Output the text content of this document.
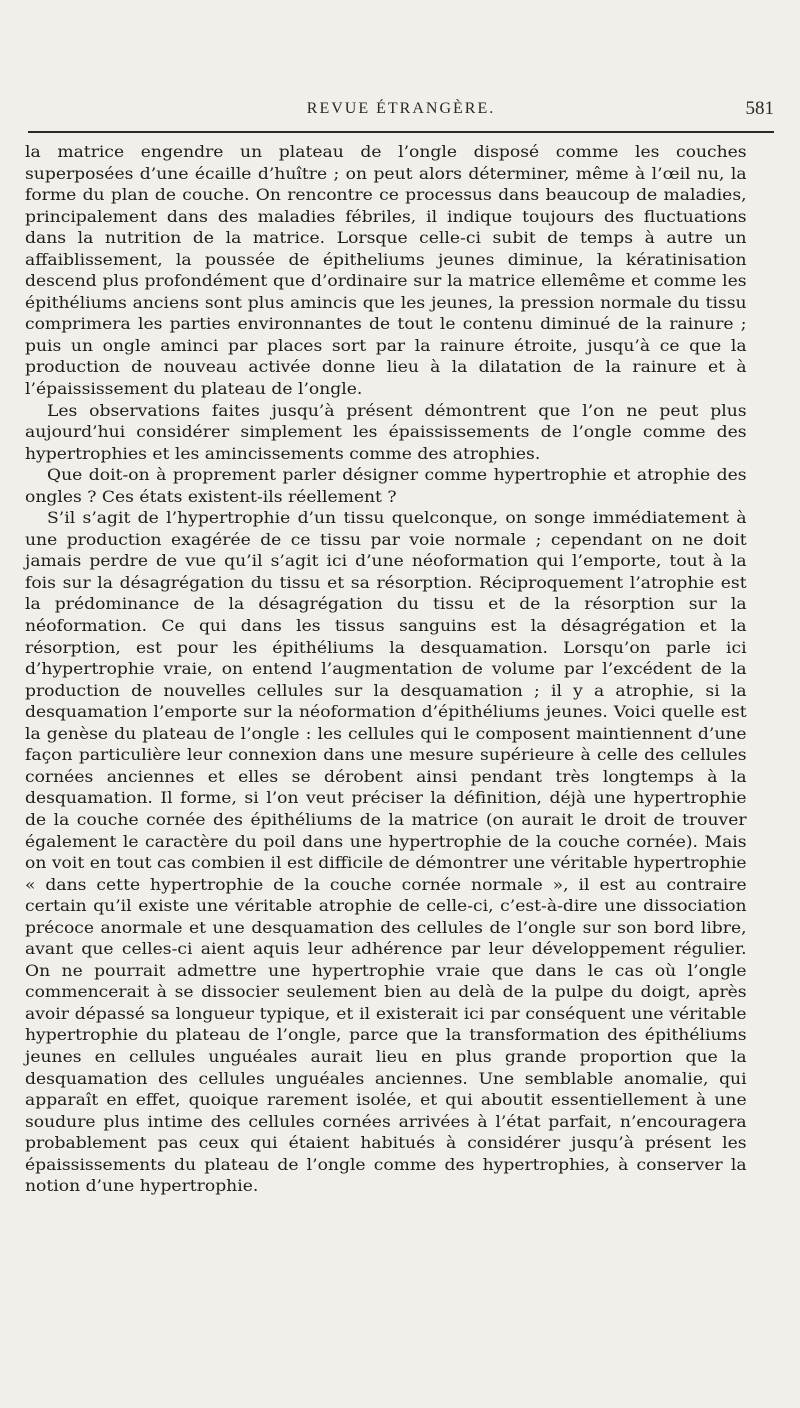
REVUE ÉTRANGÈRE.	581

la matrice engendre un plateau de l’ongle disposé comme les couches superposées d’une écaille d’huître ; on peut alors déterminer, même à l’œil nu, la forme du plan de couche. On rencontre ce processus dans beaucoup de maladies, principalement dans des maladies fébriles, il indique toujours des fluctuations dans la nutrition de la matrice. Lorsque celle-ci subit de temps à autre un affaiblissement, la poussée de épitheliums jeunes diminue, la kératinisation descend plus profondément que d’ordinaire sur la matrice ellemême et comme les épithéliums anciens sont plus amincis que les jeunes, la pression normale du tissu comprimera les parties environnantes de tout le contenu diminué de la rainure ; puis un ongle aminci par places sort par la rainure étroite, jusqu’à ce que la production de nouveau activée donne lieu à la dilatation de la rainure et à l’épaississement du plateau de l’ongle.

Les observations faites jusqu’à présent démontrent que l’on ne peut plus aujourd’hui considérer simplement les épaississements de l’ongle comme des hypertrophies et les amincissements comme des atrophies.

Que doit-on à proprement parler désigner comme hypertrophie et atrophie des ongles ? Ces états existent-ils réellement ?

S’il s’agit de l’hypertrophie d’un tissu quelconque, on songe immédiatement à une production exagérée de ce tissu par voie normale ; cependant on ne doit jamais perdre de vue qu’il s’agit ici d’une néoformation qui l’emporte, tout à la fois sur la désagrégation du tissu et sa résorption. Réciproquement l’atrophie est la prédominance de la désagrégation du tissu et de la résorption sur la néoformation. Ce qui dans les tissus sanguins est la désagrégation et la résorption, est pour les épithéliums la desquamation. Lorsqu’on parle ici d’hypertrophie vraie, on entend l’augmentation de volume par l’excédent de la production de nouvelles cellules sur la desquamation ; il y a atrophie, si la desquamation l’emporte sur la néoformation d’épithéliums jeunes. Voici quelle est la genèse du plateau de l’ongle : les cellules qui le composent maintiennent d’une façon particulière leur connexion dans une mesure supérieure à celle des cellules cornées anciennes et elles se dérobent ainsi pendant très longtemps à la desquamation. Il forme, si l’on veut préciser la définition, déjà une hypertrophie de la couche cornée des épithéliums de la matrice (on aurait le droit de trouver également le caractère du poil dans une hypertrophie de la couche cornée). Mais on voit en tout cas combien il est difficile de démontrer une véritable hypertrophie « dans cette hypertrophie de la couche cornée normale », il est au contraire certain qu’il existe une véritable atrophie de celle-ci, c’est-à-dire une dissociation précoce anormale et une desquamation des cellules de l’ongle sur son bord libre, avant que celles-ci aient aquis leur adhérence par leur développement régulier. On ne pourrait admettre une hypertrophie vraie que dans le cas où l’ongle commencerait à se dissocier seulement bien au delà de la pulpe du doigt, après avoir dépassé sa longueur typique, et il existerait ici par conséquent une véritable hypertrophie du plateau de l’ongle, parce que la transformation des épithéliums jeunes en cellules unguéales aurait lieu en plus grande proportion que la desquamation des cellules unguéales anciennes. Une semblable anomalie, qui apparaît en effet, quoique rarement isolée, et qui aboutit essentiellement à une soudure plus intime des cellules cornées arrivées à l’état parfait, n’encouragera probablement pas ceux qui étaient habitués à considérer jusqu’à présent les épaississements du plateau de l’ongle comme des hypertrophies, à conserver la notion d’une hypertrophie.
